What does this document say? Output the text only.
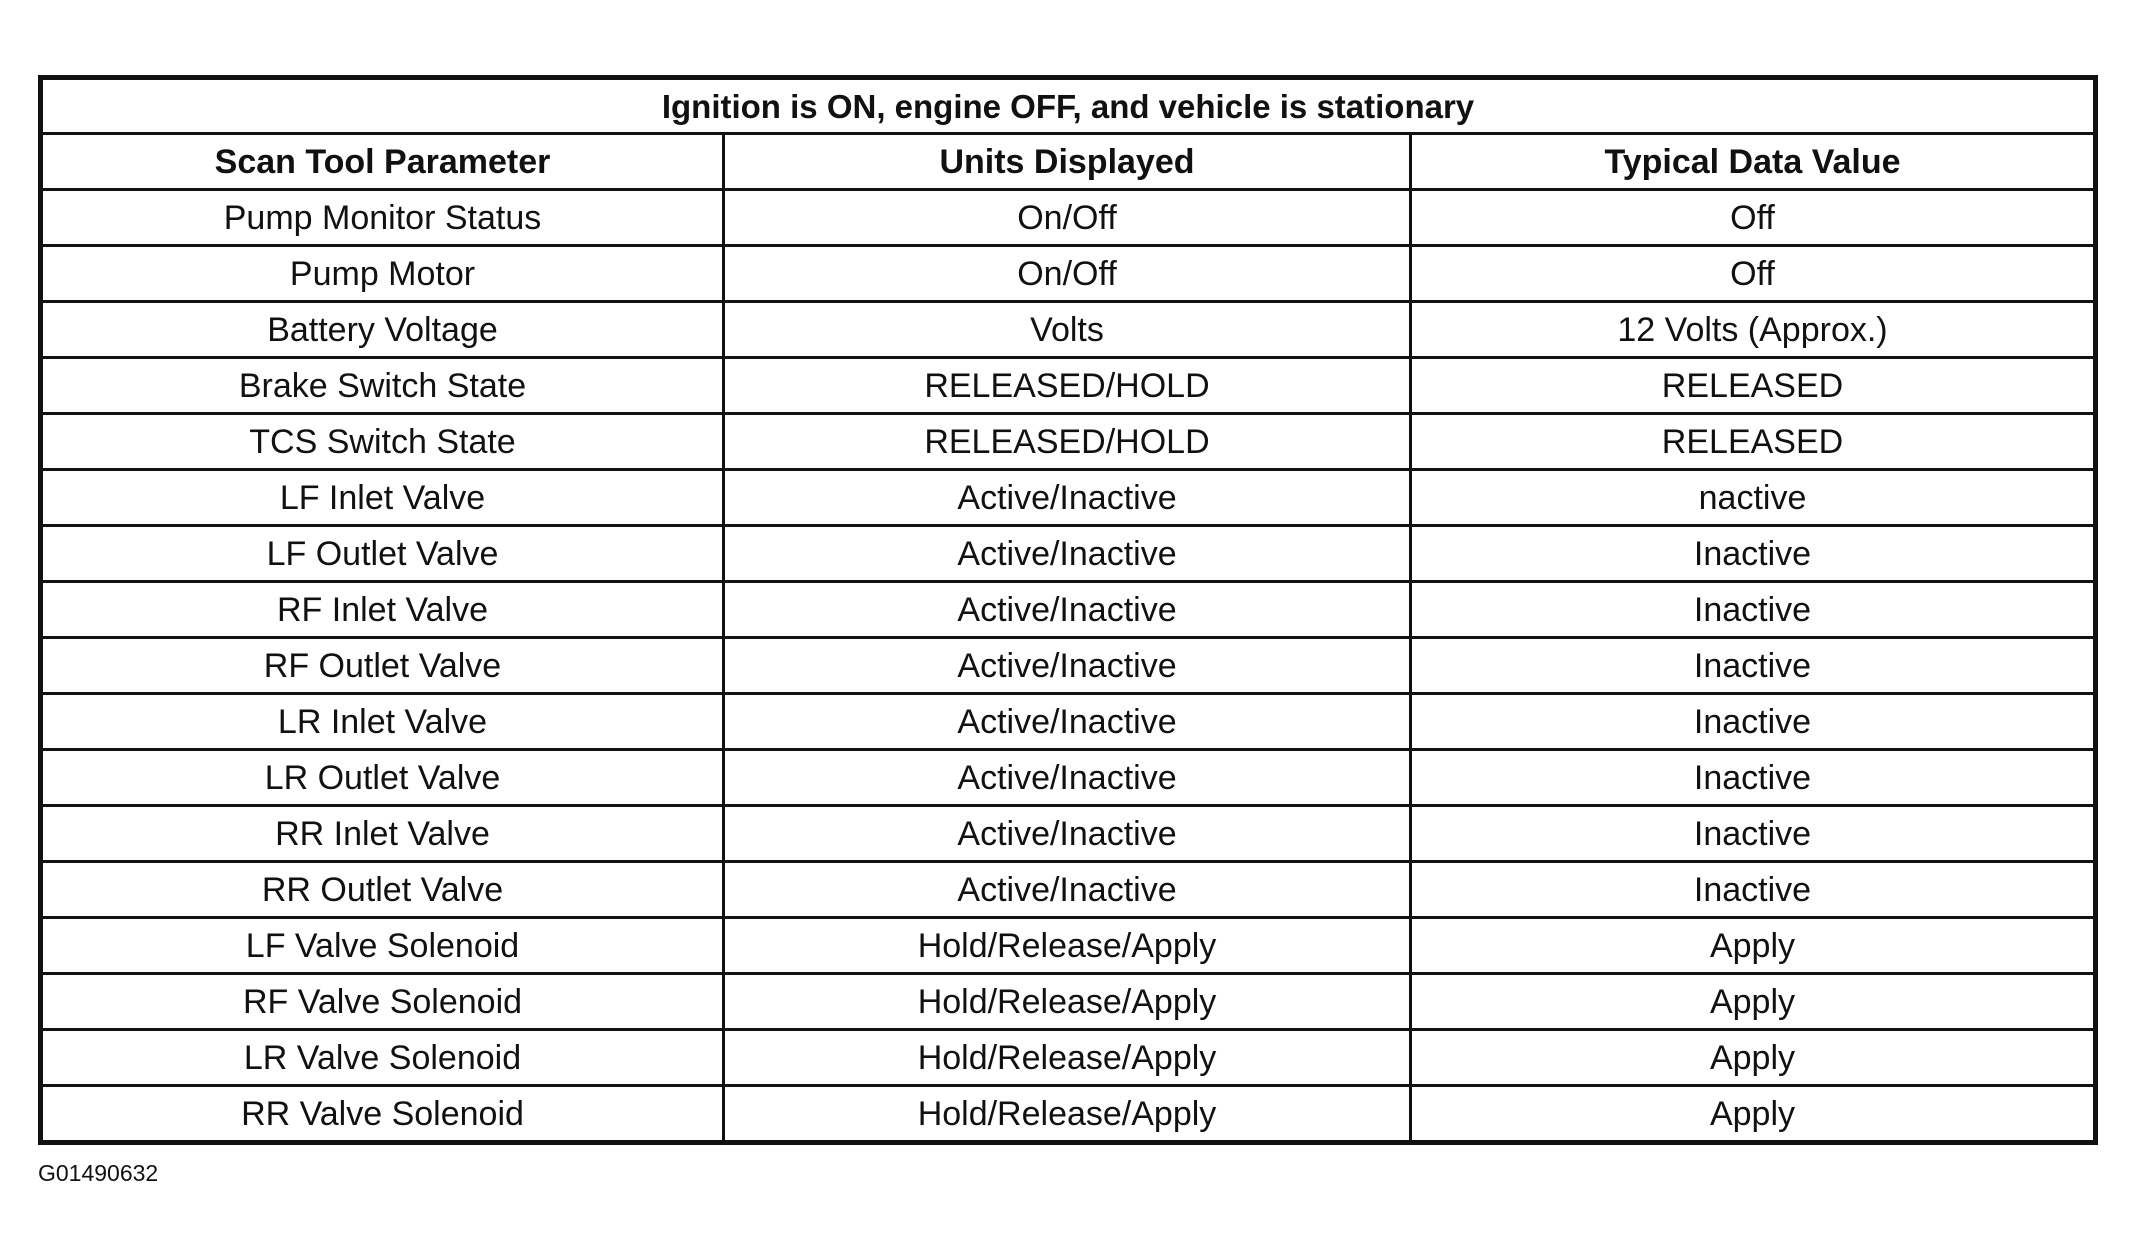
Ignition is ON, engine OFF, and vehicle is stationary		
Scan Tool Parameter	Units Displayed	Typical Data Value
Pump Monitor Status	On/Off	Off
Pump Motor	On/Off	Off
Battery Voltage	Volts	12 Volts (Approx.)
Brake Switch State	RELEASED/HOLD	RELEASED
TCS Switch State	RELEASED/HOLD	RELEASED
LF Inlet Valve	Active/Inactive	nactive
LF Outlet Valve	Active/Inactive	Inactive
RF Inlet Valve	Active/Inactive	Inactive
RF Outlet Valve	Active/Inactive	Inactive
LR Inlet Valve	Active/Inactive	Inactive
LR Outlet Valve	Active/Inactive	Inactive
RR Inlet Valve	Active/Inactive	Inactive
RR Outlet Valve	Active/Inactive	Inactive
LF Valve Solenoid	Hold/Release/Apply	Apply
RF Valve Solenoid	Hold/Release/Apply	Apply
LR Valve Solenoid	Hold/Release/Apply	Apply
RR Valve Solenoid	Hold/Release/Apply	Apply
G01490632
